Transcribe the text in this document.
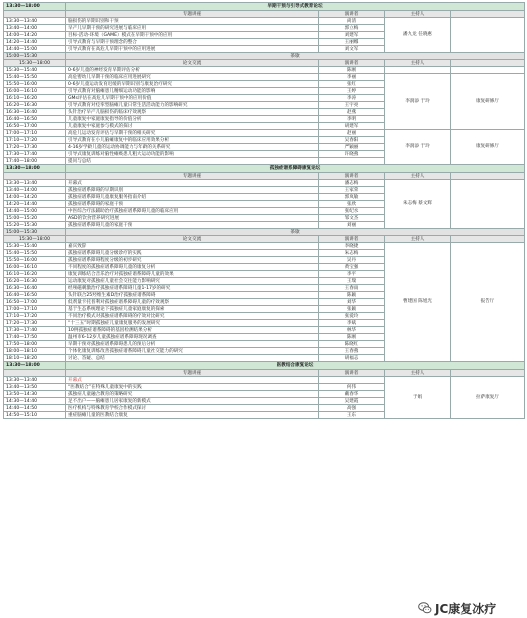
13:30—18:00	早期干预与引导式教育论坛			
	专题讲座	演讲者	主持人	
13:30—13:40	脑损伤的早期识别和干预	尚清	潘九龙 任晓惠	
13:40—14:00	早产儿早期干预的研究进展与临床应用	郭立梅		
14:00—14:20	目标-活动-环境（GAME）模式在早期干预中的应用	刘建军		
14:20—14:40	引导式教育与早期干预理念的整合	王丽娜		
14:40—15:00	引导式教育在高危儿早期干预中的应用进展	刘文军		
15:00—15:30	茶歇			
15:30—18:00	论文交流	演讲者	主持人	
15:30—15:40	0-6岁儿童的神经发育早期评估分析	陈刚		
15:40—15:50	高危婴幼儿早期干预的临床应用进展研究	李丽	李润添 于玲	康复研修厅
15:50—16:00	0-6岁儿童运动发育迟缓的早期识别与康复治疗研究	张红		
16:00—16:10	引导式教育对脑瘫患儿精细运动功能的影响	王婷		
16:10—16:20	GMs评估在高危儿早期干预中的应用价值	李涛		
16:20—16:30	引导式教育对痉挛型脑瘫儿童日常生活活动能力的影响研究	王宇亮		
16:30—16:40	头针治疗早产儿脑损伤的临床疗效观察	赵燕		
16:40—16:50	儿童康复中家庭康复指导的价值分析	李明		
16:50—17:00	儿童康复中家庭参与模式的探讨	胡建军		
17:00—17:10	高危儿运动发育评估与早期干预的相关研究	赵丽	李润添 于玲	康复研修厅
17:10—17:20	引导式教育在小儿脑瘫康复中的临床应用效果分析	吴春阳		
17:20—17:30	4-16岁学龄儿童的运动协调能力与年龄的关系研究	严颖丽		
17:30—17:40	引导式康复训练对脑性瘫痪患儿粗大运动功能的影响	许晓燕		
17:40—18:00	提问与总结			
13:30—18:00	孤独症谱系障碍康复论坛			
	专题讲座	演讲者	主持人	
13:30—13:40	开幕式	潘志梅	朱志梅 蔡文辉	
13:40—14:00	孤独症谱系障碍的早期识别	王家荣		
14:00—14:20	孤独症谱系障碍儿童康复服务指南介绍	郭岚敏		
14:20—14:40	孤独症谱系障碍的家庭干预	张欣		
14:40—15:00	中医综合疗法辅助治疗孤独症谱系障碍儿童的临床应用	张纪水		
15:00—15:20	ASD的饮食营养研究进展	邹文杰		
15:20—15:30	孤独症谱系障碍儿童的家庭干预	刘丽		
15:00—15:30	茶歇			
15:30—18:00	论文交流	演讲者	主持人	
15:30—15:40	嘉宾致辞	李晓捷	曹建国 陈旭光	报告厅
15:40—15:50	孤独症谱系障碍儿童分级诊疗的实践	朱志梅		
15:50—16:00	孤独症谱系障碍程度分级的初步研究	吴丹		
16:00—16:10	不同程度的孤独症谱系障碍儿童的康复分析	黄宝强		
16:10—16:20	康复训练结合音乐治疗对孤独症谱系障碍儿童的效果	李平		
16:20—16:30	运动康复对孤独症儿童社会交往能力影响研究	王瑞		
16:30—16:40	经颅磁刺激治疗孤独症谱系障碍儿童1-17岁的研究	王春雨		
16:40—16:50	头针联合25羟维生素D治疗孤独症谱系障碍	陈颖		
16:50—17:00	低剂量卡托普利对孤独症谱系障碍儿童的疗效观察	刘华		
17:00—17:10	基于生态系统理论下孤独症儿童家庭康复的探索	张颖		
17:10—17:20	不同治疗模式对孤独症谱系障碍的疗效对比研究	张爱玲		
17:20—17:30	“十三五”时期孤独症儿童康复服务的发展研究	李斌		
17:30—17:40	10例孤独症谱系障碍的基因检测结果分析	林华		
17:40—17:50	温州市6-12岁儿童孤独症谱系障碍现况调查	陈刚		
17:50—18:00	早期干预对孤独症谱系障碍患儿的预后分析	陈晓红		
18:00—18:10	个体化康复训练改善孤独症谱系障碍儿童社交能力的研究	王春燕		
18:10—18:20	讨论、答疑、总结	胡福志		
13:30—18:00	医教结合康复论坛			
	专题讲座	演讲者	主持人	
13:30—13:40	开幕式		于娟	拉萨康复厅
13:40—13:50	“医教结合”在特殊儿童康复中的实践	何伟		
13:50—14:30	孤独症儿童融合教育的策略研究	戴春华		
14:30—14:40	足不出户——脑瘫患儿居家康复的新模式	吴建霞		
14:40—14:50	医疗机构与特殊教育学校合作模式探讨	高强		
14:50—15:10	重症脑瘫儿童的医教结合康复	王东		
JC康复冰疗
